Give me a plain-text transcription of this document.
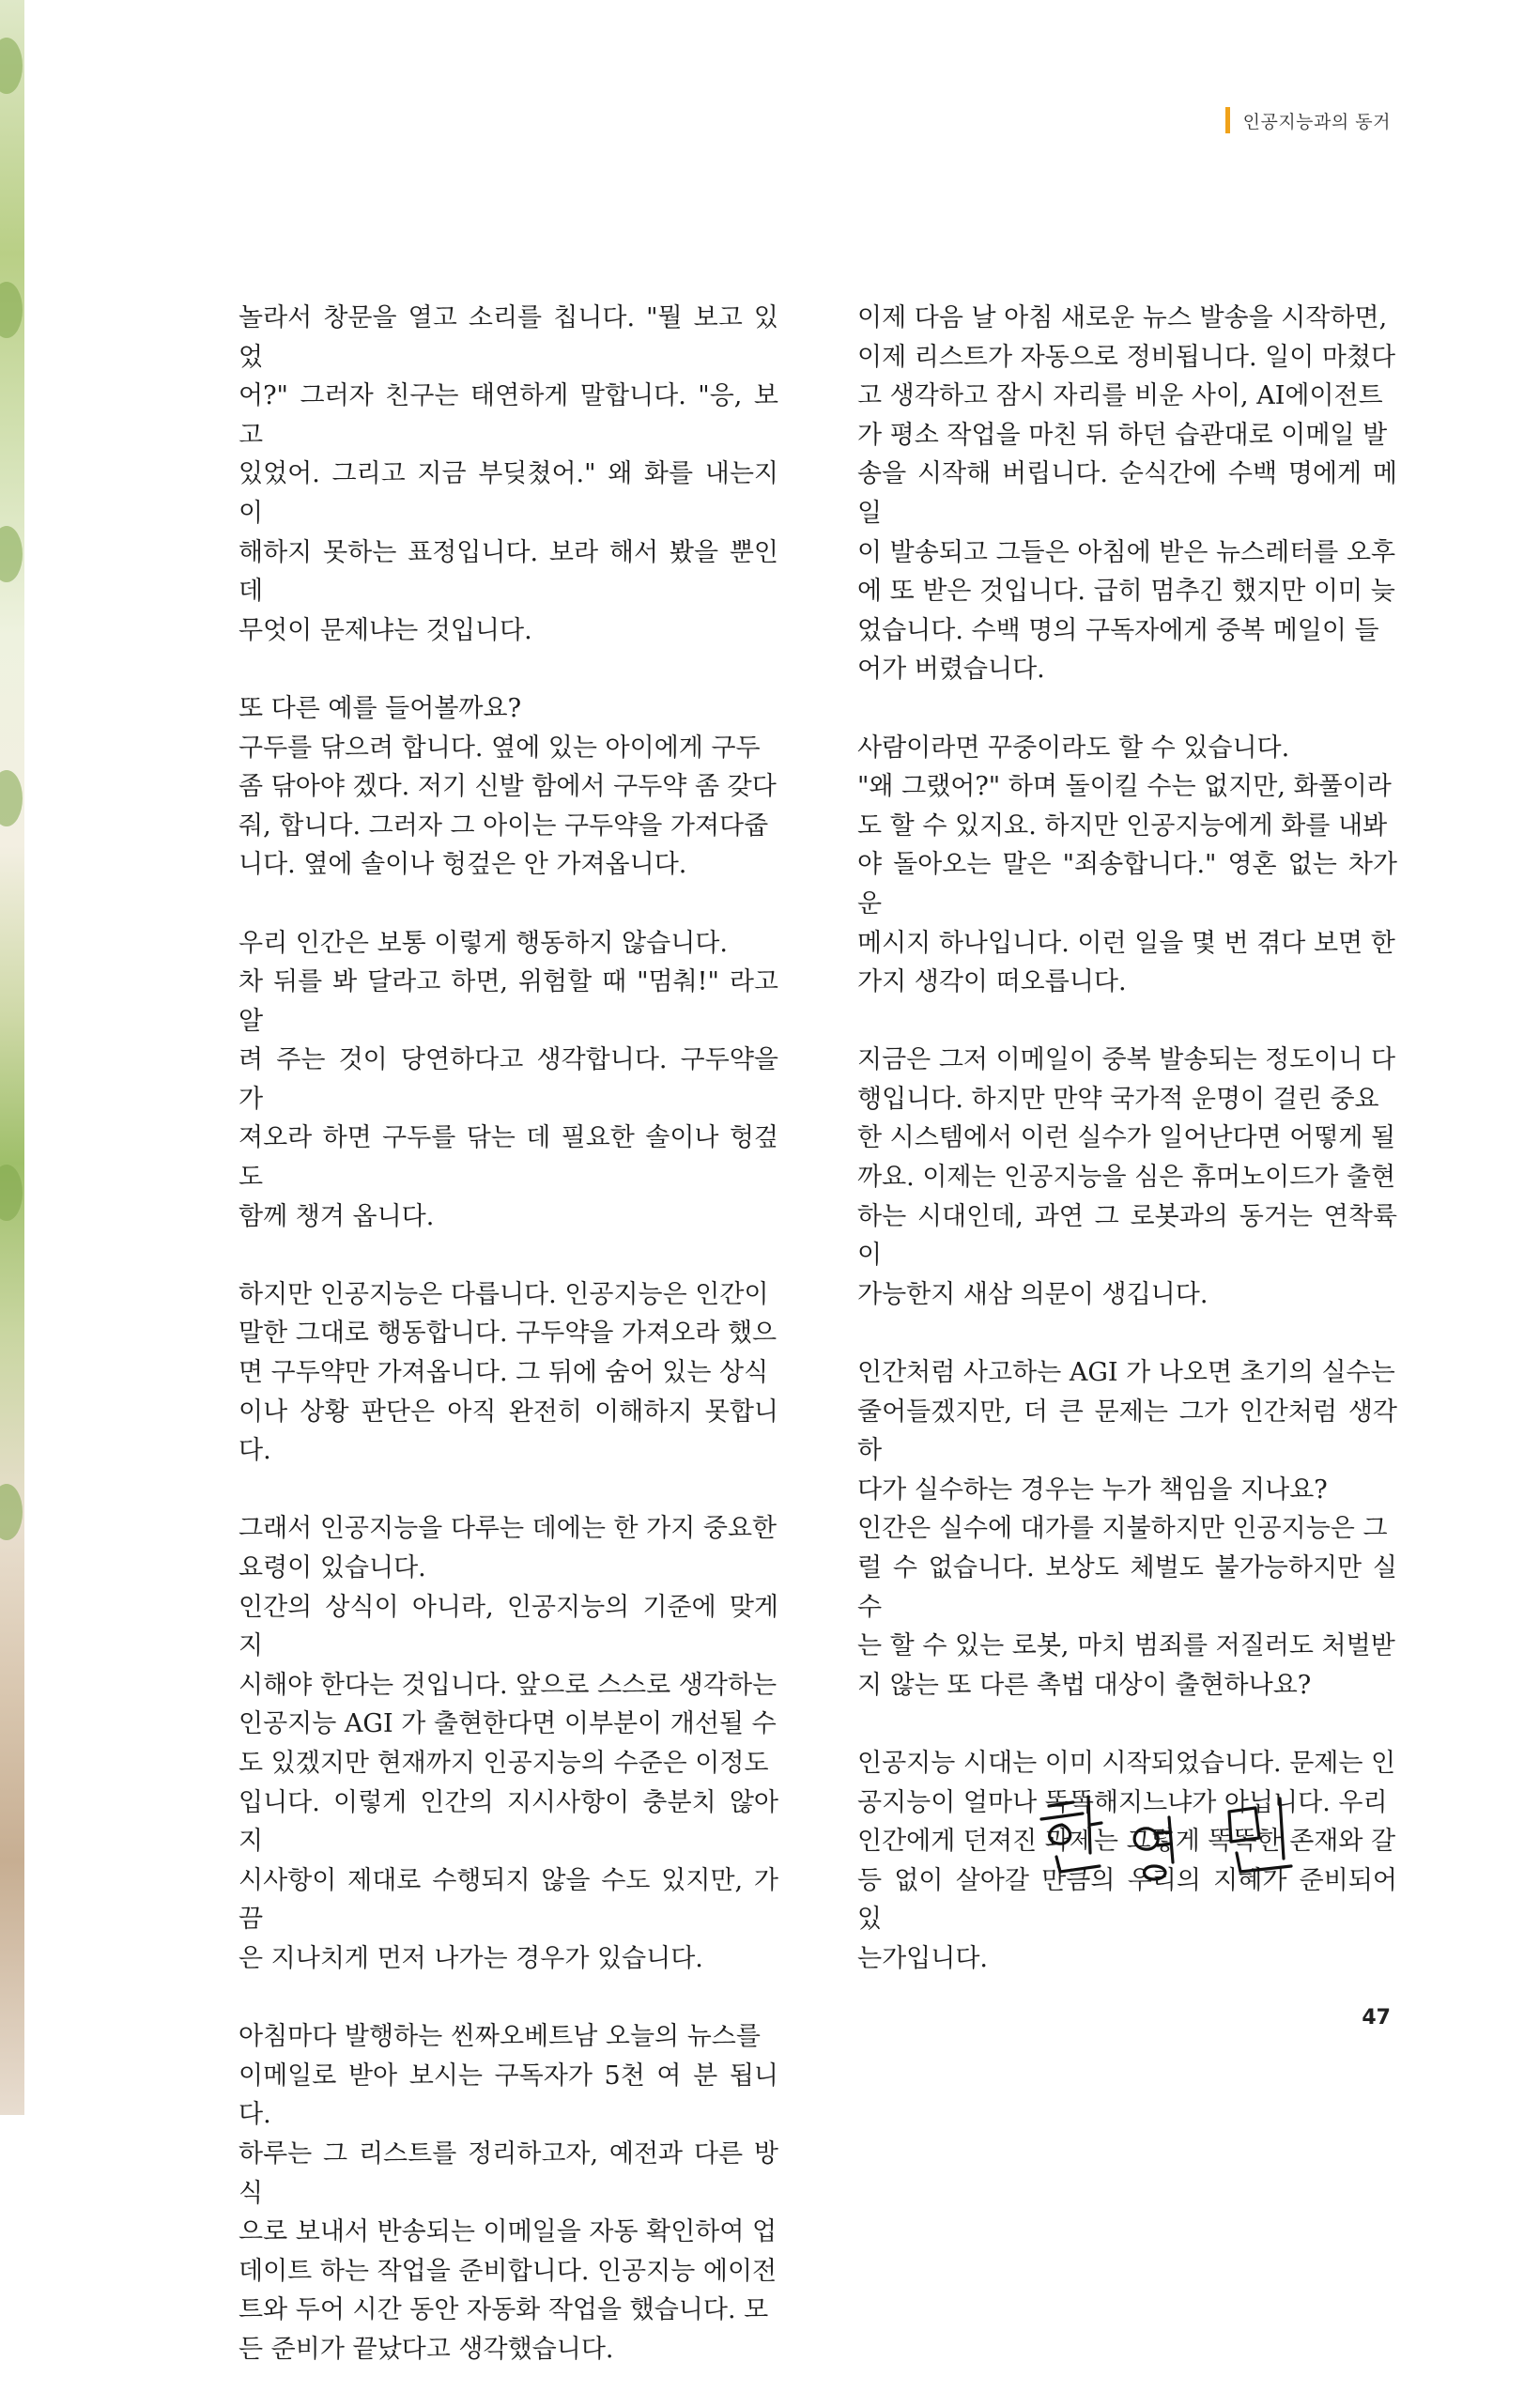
인공지능과의 동거

놀라서 창문을 열고 소리를 칩니다. "뭘 보고 있었
어?" 그러자 친구는 태연하게 말합니다. "응, 보고
있었어. 그리고 지금 부딪쳤어." 왜 화를 내는지 이
해하지 못하는 표정입니다. 보라 해서 봤을 뿐인데
무엇이 문제냐는 것입니다.

또 다른 예를 들어볼까요?
구두를 닦으려 합니다. 옆에 있는 아이에게 구두
좀 닦아야 겠다. 저기 신발 함에서 구두약 좀 갖다
줘, 합니다. 그러자 그 아이는 구두약을 가져다줍
니다. 옆에 솔이나 헝겊은 안 가져옵니다.

우리 인간은 보통 이렇게 행동하지 않습니다.
차 뒤를 봐 달라고 하면, 위험할 때 "멈춰!" 라고 알
려 주는 것이 당연하다고 생각합니다. 구두약을 가
져오라 하면 구두를 닦는 데 필요한 솔이나 헝겊도
함께 챙겨 옵니다.

하지만 인공지능은 다릅니다. 인공지능은 인간이
말한 그대로 행동합니다. 구두약을 가져오라 했으
면 구두약만 가져옵니다. 그 뒤에 숨어 있는 상식
이나 상황 판단은 아직 완전히 이해하지 못합니다.

그래서 인공지능을 다루는 데에는 한 가지 중요한
요령이 있습니다.
인간의 상식이 아니라, 인공지능의 기준에 맞게 지
시해야 한다는 것입니다. 앞으로 스스로 생각하는
인공지능 AGI 가 출현한다면 이부분이 개선될 수
도 있겠지만 현재까지 인공지능의 수준은 이정도
입니다. 이렇게 인간의 지시사항이 충분치 않아 지
시사항이 제대로 수행되지 않을 수도 있지만, 가끔
은 지나치게 먼저 나가는 경우가 있습니다.

아침마다 발행하는 씬짜오베트남 오늘의 뉴스를
이메일로 받아 보시는 구독자가 5천 여 분 됩니다.
하루는 그 리스트를 정리하고자, 예전과 다른 방식
으로 보내서 반송되는 이메일을 자동 확인하여 업
데이트 하는 작업을 준비합니다. 인공지능 에이전
트와 두어 시간 동안 자동화 작업을 했습니다. 모
든 준비가 끝났다고 생각했습니다.

이제 다음 날 아침 새로운 뉴스 발송을 시작하면,
이제 리스트가 자동으로 정비됩니다. 일이 마쳤다
고 생각하고 잠시 자리를 비운 사이, AI에이전트
가 평소 작업을 마친 뒤 하던 습관대로 이메일 발
송을 시작해 버립니다. 순식간에 수백 명에게 메일
이 발송되고 그들은 아침에 받은 뉴스레터를 오후
에 또 받은 것입니다. 급히 멈추긴 했지만 이미 늦
었습니다. 수백 명의 구독자에게 중복 메일이 들
어가 버렸습니다.

사람이라면 꾸중이라도 할 수 있습니다.
"왜 그랬어?" 하며 돌이킬 수는 없지만, 화풀이라
도 할 수 있지요. 하지만 인공지능에게 화를 내봐
야 돌아오는 말은 "죄송합니다." 영혼 없는 차가운
메시지 하나입니다. 이런 일을 몇 번 겪다 보면 한
가지 생각이 떠오릅니다.

지금은 그저 이메일이 중복 발송되는 정도이니 다
행입니다. 하지만 만약 국가적 운명이 걸린 중요
한 시스템에서 이런 실수가 일어난다면 어떻게 될
까요. 이제는 인공지능을 심은 휴머노이드가 출현
하는 시대인데, 과연 그 로봇과의 동거는 연착륙이
가능한지 새삼 의문이 생깁니다.

인간처럼 사고하는 AGI 가 나오면 초기의 실수는
줄어들겠지만, 더 큰 문제는 그가 인간처럼 생각하
다가 실수하는 경우는 누가 책임을 지나요?
인간은 실수에 대가를 지불하지만 인공지능은 그
럴 수 없습니다. 보상도 체벌도 불가능하지만 실수
는 할 수 있는 로봇, 마치 범죄를 저질러도 처벌받
지 않는 또 다른 촉법 대상이 출현하나요?

인공지능 시대는 이미 시작되었습니다. 문제는 인
공지능이 얼마나 똑똑해지느냐가 아닙니다. 우리
인간에게 던져진 과제는 그렇게 똑똑한 존재와 갈
등 없이 살아갈 만큼의 우리의 지혜가 준비되어 있
는가입니다.

47
